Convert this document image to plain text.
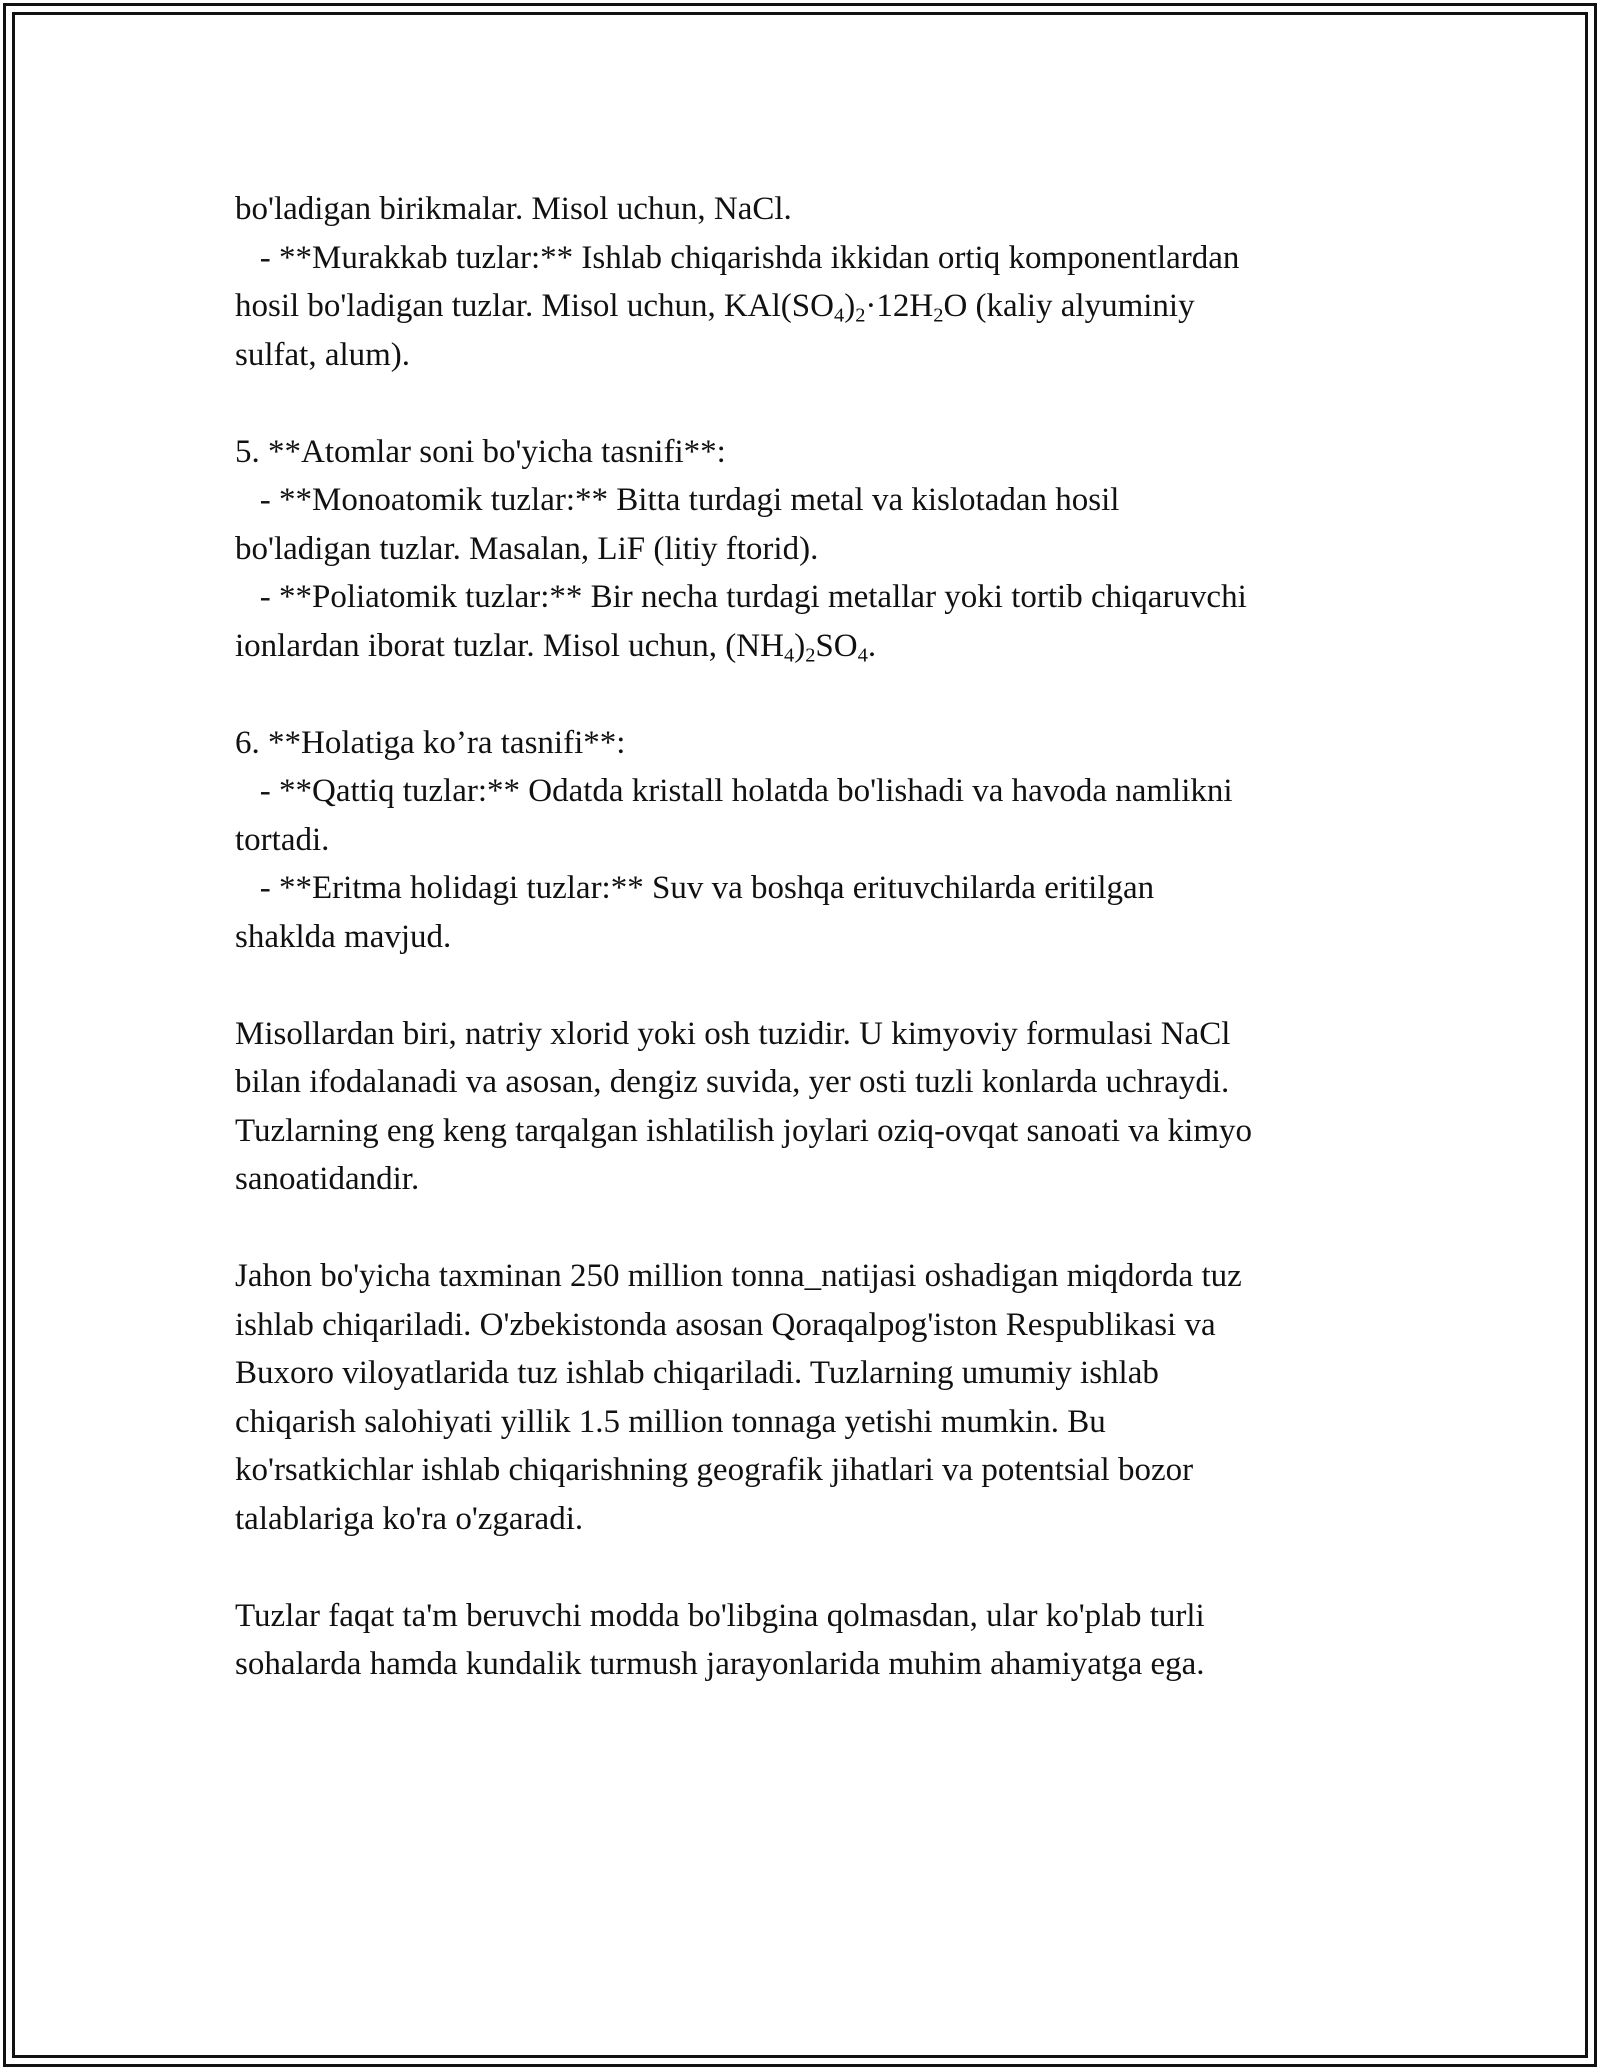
bo'ladigan birikmalar. Misol uchun, NaCl.
- **Murakkab tuzlar:** Ishlab chiqarishda ikkidan ortiq komponentlardan
hosil bo'ladigan tuzlar. Misol uchun, $KAl(SO_4)_2\cdot 12H_2O$ (kaliy alyuminiy
sulfat, alum).

5. **Atomlar soni bo'yicha tasnifi**:
- **Monoatomik tuzlar:** Bitta turdagi metal va kislotadan hosil
bo'ladigan tuzlar. Masalan, LiF (litiy ftorid).
- **Poliatomik tuzlar:** Bir necha turdagi metallar yoki tortib chiqaruvchi
ionlardan iborat tuzlar. Misol uchun, $(NH_4)_2SO_4$.

6. **Holatiga ko’ra tasnifi**:
- **Qattiq tuzlar:** Odatda kristall holatda bo'lishadi va havoda namlikni
tortadi.
- **Eritma holidagi tuzlar:** Suv va boshqa erituvchilarda eritilgan
shaklda mavjud.

Misollardan biri, natriy xlorid yoki osh tuzidir. U kimyoviy formulasi NaCl
bilan ifodalanadi va asosan, dengiz suvida, yer osti tuzli konlarda uchraydi.
Tuzlarning eng keng tarqalgan ishlatilish joylari oziq-ovqat sanoati va kimyo
sanoatidandir.

Jahon bo'yicha taxminan 250 million tonna_natijasi oshadigan miqdorda tuz
ishlab chiqariladi. O'zbekistonda asosan Qoraqalpog'iston Respublikasi va
Buxoro viloyatlarida tuz ishlab chiqariladi. Tuzlarning umumiy ishlab
chiqarish salohiyati yillik 1.5 million tonnaga yetishi mumkin. Bu
ko'rsatkichlar ishlab chiqarishning geografik jihatlari va potentsial bozor
talablariga ko'ra o'zgaradi.

Tuzlar faqat ta'm beruvchi modda bo'libgina qolmasdan, ular ko'plab turli
sohalarda hamda kundalik turmush jarayonlarida muhim ahamiyatga ega.
